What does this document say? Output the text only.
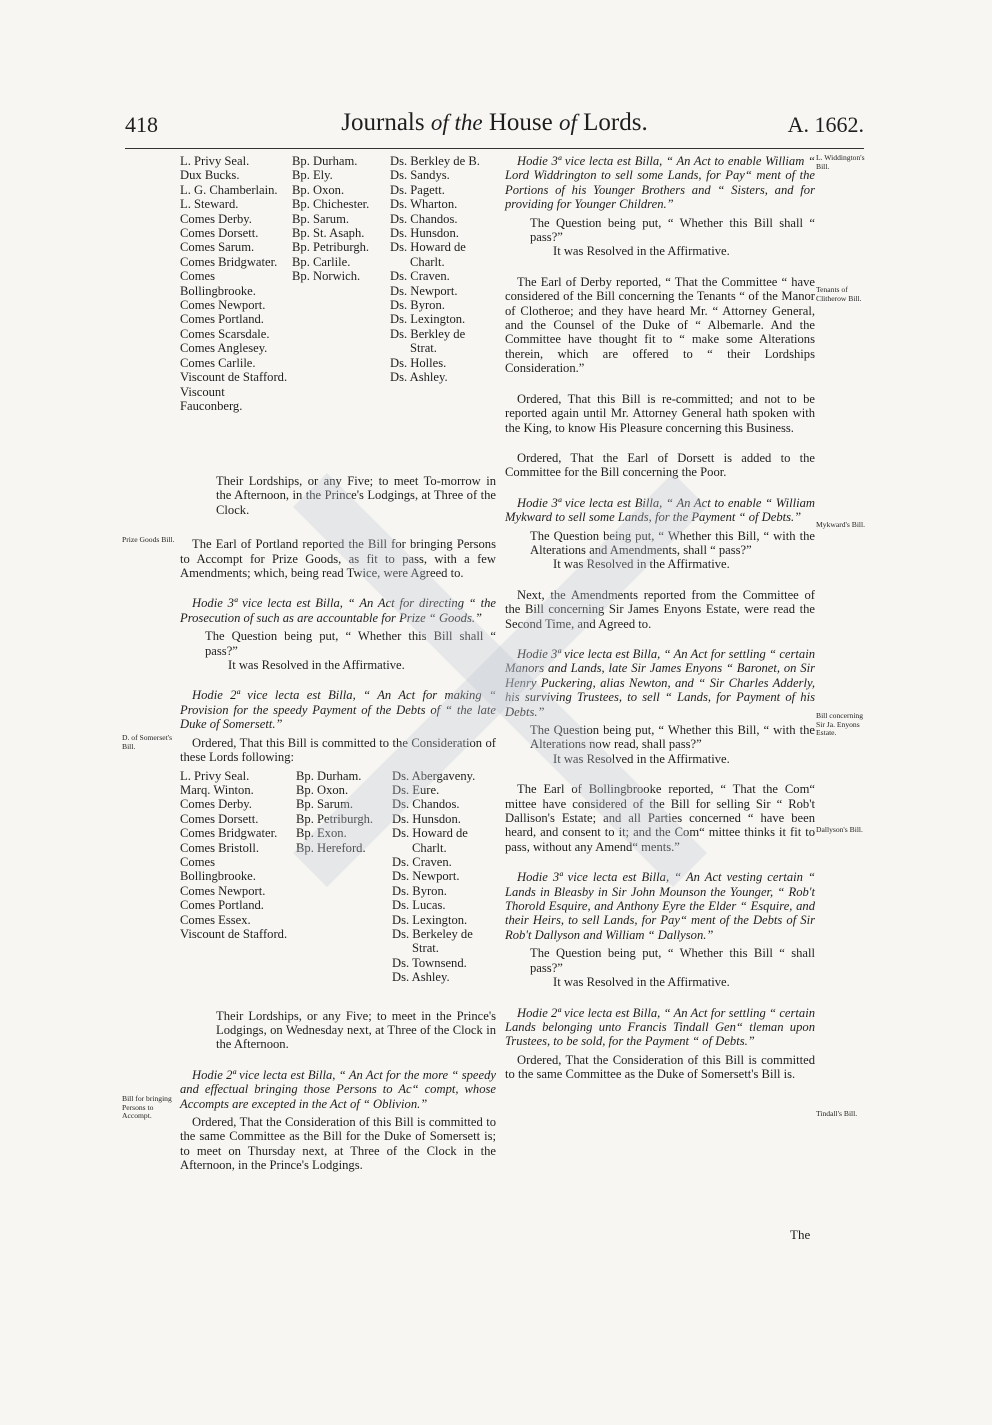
418	Journals of the House of Lords.	A. 1662.
Prize Goods Bill.
D. of Somerset's Bill.
Bill for bringing Persons to Accompt.
L. Widdington's Bill.
Tenants of Clitherow Bill.
Mykward's Bill.
Bill concerning Sir Ja. Enyons Estate.
Dallyson's Bill.
Tindall's Bill.
L. Privy Seal.
Dux Bucks.
L. G. Chamberlain.
L. Steward.
Comes Derby.
Comes Dorsett.
Comes Sarum.
Comes Bridgwater.
Comes Bollingbrooke.
Comes Newport.
Comes Portland.
Comes Scarsdale.
Comes Anglesey.
Comes Carlile.
Viscount de Stafford.
Viscount Fauconberg.
Bp. Durham.
Bp. Ely.
Bp. Oxon.
Bp. Chichester.
Bp. Sarum.
Bp. St. Asaph.
Bp. Petriburgh.
Bp. Carlile.
Bp. Norwich.
Ds. Berkley de B.
Ds. Sandys.
Ds. Pagett.
Ds. Wharton.
Ds. Chandos.
Ds. Hunsdon.
Ds. Howard de
Charlt.
Ds. Craven.
Ds. Newport.
Ds. Byron.
Ds. Lexington.
Ds. Berkley de
Strat.
Ds. Holles.
Ds. Ashley.

Their Lordships, or any Five; to meet To-morrow in the Afternoon, in the Prince's Lodgings, at Three of the Clock.

The Earl of Portland reported the Bill for bringing Persons to Accompt for Prize Goods, as fit to pass, with a few Amendments; which, being read Twice, were Agreed to.

Hodie 3ª vice lecta est Billa, “ An Act for directing “ the Prosecution of such as are accountable for Prize “ Goods.”

The Question being put, “ Whether this Bill shall “ pass?”

It was Resolved in the Affirmative.

Hodie 2ª vice lecta est Billa, “ An Act for making “ Provision for the speedy Payment of the Debts of “ the late Duke of Somersett.”

Ordered, That this Bill is committed to the Consideration of these Lords following:

L. Privy Seal.
Marq. Winton.
Comes Derby.
Comes Dorsett.
Comes Bridgwater.
Comes Bristoll.
Comes Bollingbrooke.
Comes Newport.
Comes Portland.
Comes Essex.
Viscount de Stafford.
Bp. Durham.
Bp. Oxon.
Bp. Sarum.
Bp. Petriburgh.
Bp. Exon.
Bp. Hereford.
Ds. Abergaveny.
Ds. Eure.
Ds. Chandos.
Ds. Hunsdon.
Ds. Howard de
Charlt.
Ds. Craven.
Ds. Newport.
Ds. Byron.
Ds. Lucas.
Ds. Lexington.
Ds. Berkeley de
Strat.
Ds. Townsend.
Ds. Ashley.

Their Lordships, or any Five; to meet in the Prince's Lodgings, on Wednesday next, at Three of the Clock in the Afternoon.

Hodie 2ª vice lecta est Billa, “ An Act for the more “ speedy and effectual bringing those Persons to Ac“ compt, whose Accompts are excepted in the Act of “ Oblivion.”

Ordered, That the Consideration of this Bill is committed to the same Committee as the Bill for the Duke of Somersett is; to meet on Thursday next, at Three of the Clock in the Afternoon, in the Prince's Lodgings.

Hodie 3ª vice lecta est Billa, “ An Act to enable William “ Lord Widdrington to sell some Lands, for Pay“ ment of the Portions of his Younger Brothers and “ Sisters, and for providing for Younger Children.”

The Question being put, “ Whether this Bill shall “ pass?”

It was Resolved in the Affirmative.

The Earl of Derby reported, “ That the Committee “ have considered of the Bill concerning the Tenants “ of the Manor of Clotheroe; and they have heard Mr. “ Attorney General, and the Counsel of the Duke of “ Albemarle. And the Committee have thought fit to “ make some Alterations therein, which are offered to “ their Lordships Consideration.”

Ordered, That this Bill is re-committed; and not to be reported again until Mr. Attorney General hath spoken with the King, to know His Pleasure concerning this Business.

Ordered, That the Earl of Dorsett is added to the Committee for the Bill concerning the Poor.

Hodie 3ª vice lecta est Billa, “ An Act to enable “ William Mykward to sell some Lands, for the Payment “ of Debts.”

The Question being put, “ Whether this Bill, “ with the Alterations and Amendments, shall “ pass?”

It was Resolved in the Affirmative.

Next, the Amendments reported from the Committee of the Bill concerning Sir James Enyons Estate, were read the Second Time, and Agreed to.

Hodie 3ª vice lecta est Billa, “ An Act for settling “ certain Manors and Lands, late Sir James Enyons “ Baronet, on Sir Henry Puckering, alias Newton, and “ Sir Charles Adderly, his surviving Trustees, to sell “ Lands, for Payment of his Debts.”

The Question being put, “ Whether this Bill, “ with the Alterations now read, shall pass?”

It was Resolved in the Affirmative.

The Earl of Bollingbrooke reported, “ That the Com“ mittee have considered of the Bill for selling Sir “ Rob't Dallison's Estate; and all Parties concerned “ have been heard, and consent to it; and the Com“ mittee thinks it fit to pass, without any Amend“ ments.”

Hodie 3ª vice lecta est Billa, “ An Act vesting certain “ Lands in Bleasby in Sir John Mounson the Younger, “ Rob't Thorold Esquire, and Anthony Eyre the Elder “ Esquire, and their Heirs, to sell Lands, for Pay“ ment of the Debts of Sir Rob't Dallyson and William “ Dallyson.”

The Question being put, “ Whether this Bill “ shall pass?”

It was Resolved in the Affirmative.

Hodie 2ª vice lecta est Billa, “ An Act for settling “ certain Lands belonging unto Francis Tindall Gen“ tleman upon Trustees, to be sold, for the Payment “ of Debts.”

Ordered, That the Consideration of this Bill is committed to the same Committee as the Duke of Somersett's Bill is.

The
